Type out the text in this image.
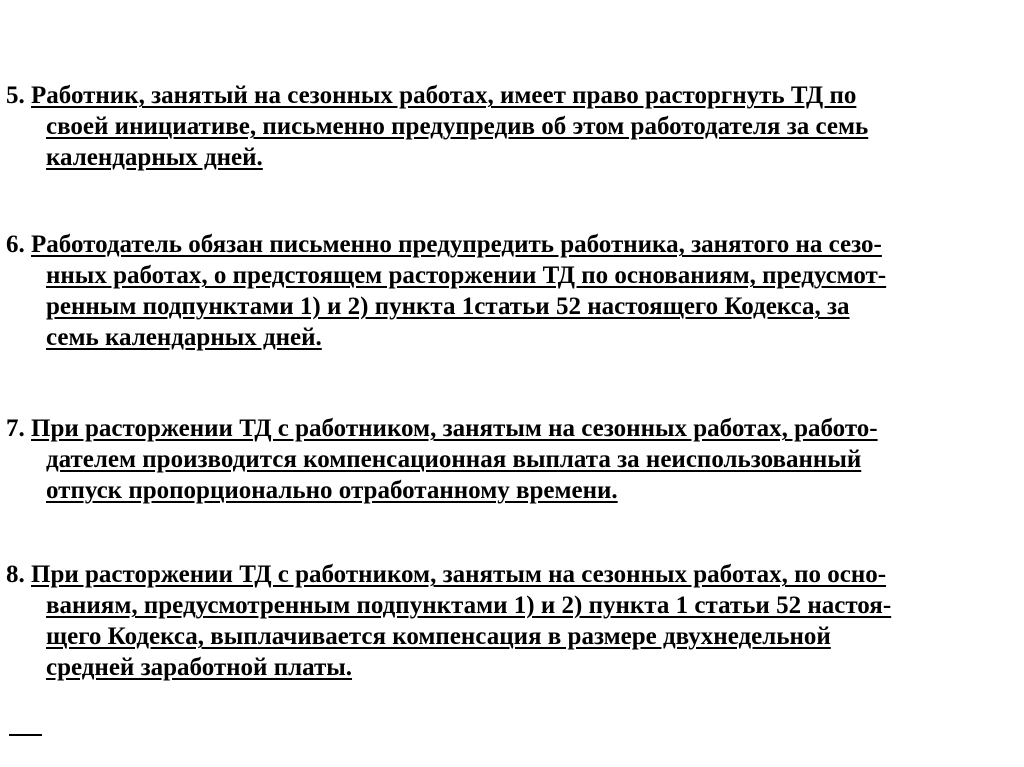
5. Работник, занятый на сезонных работах, имеет право расторгнуть ТД по
своей инициативе, письменно предупредив об этом работодателя за семь
календарных дней.
6. Работодатель обязан письменно предупредить работника, занятого на сезо-
нных работах, о предстоящем расторжении ТД по основаниям, предусмот-
ренным подпунктами 1) и 2) пункта 1статьи 52 настоящего Кодекса, за
семь календарных дней.
7. При расторжении ТД с работником, занятым на сезонных работах, работо-
дателем производится компенсационная выплата за неиспользованный
отпуск пропорционально отработанному времени.
8. При расторжении ТД с работником, занятым на сезонных работах, по осно-
ваниям, предусмотренным подпунктами 1) и 2) пункта 1 статьи 52 настоя-
щего Кодекса, выплачивается компенсация в размере двухнедельной
средней заработной платы.
